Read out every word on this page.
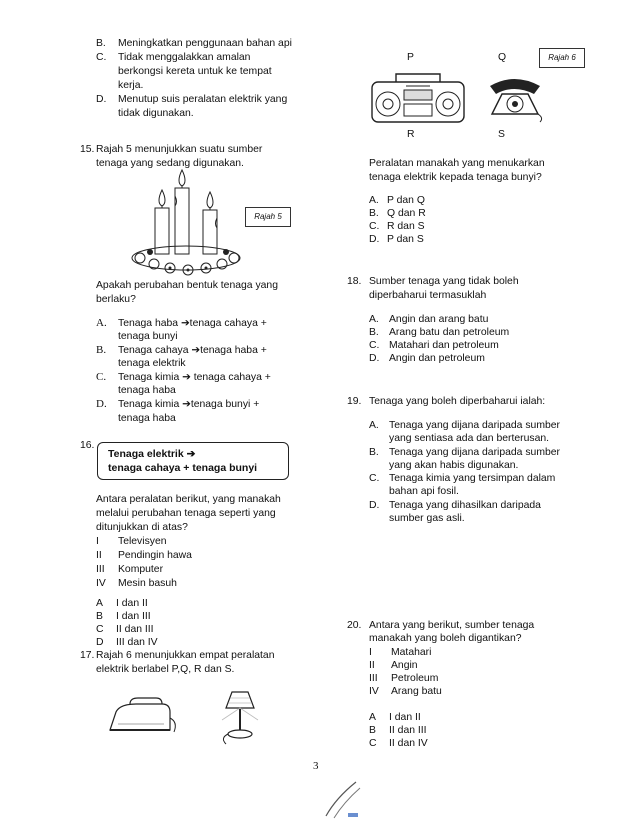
B. Meningkatkan penggunaan bahan api
C. Tidak menggalakkan amalan
berkongsi kereta untuk ke tempat
kerja.
D. Menutup suis peralatan elektrik yang
tidak digunakan.
15. Rajah 5 menunjukkan suatu sumber
tenaga yang sedang digunakan.
Rajah 5
Apakah perubahan bentuk tenaga yang
berlaku?
A. Tenaga haba ➔tenaga cahaya +
tenaga bunyi
B. Tenaga cahaya ➔tenaga haba +
tenaga elektrik
C. Tenaga kimia ➔ tenaga cahaya +
tenaga haba
D. Tenaga kimia ➔tenaga bunyi +
tenaga haba
16.
Tenaga elektrik ➔
tenaga cahaya + tenaga bunyi
Antara peralatan berikut, yang manakah
melalui perubahan tenaga seperti yang
ditunjukkan di atas?
I Televisyen
II Pendingin hawa
III Komputer
IV Mesin basuh
A I dan II
B I dan III
C II dan III
D III dan IV
17. Rajah 6 menunjukkan empat peralatan
elektrik berlabel P,Q, R dan S.
P	Q	Rajah 6
R	S
Peralatan manakah yang menukarkan
tenaga elektrik kepada tenaga bunyi?
A. P dan Q
B. Q dan R
C. R dan S
D. P dan S
18. Sumber tenaga yang tidak boleh
diperbaharui termasuklah
A. Angin dan arang batu
B. Arang batu dan petroleum
C. Matahari dan petroleum
D. Angin dan petroleum
19. Tenaga yang boleh diperbaharui ialah:
A. Tenaga yang dijana daripada sumber
yang sentiasa ada dan berterusan.
B. Tenaga yang dijana daripada sumber
yang akan habis digunakan.
C. Tenaga kimia yang tersimpan dalam
bahan api fosil.
D. Tenaga yang dihasilkan daripada
sumber gas asli.
20. Antara yang berikut, sumber tenaga
manakah yang boleh digantikan?
I Matahari
II Angin
III Petroleum
IV Arang batu
A I dan II
B II dan III
C II dan IV
3
